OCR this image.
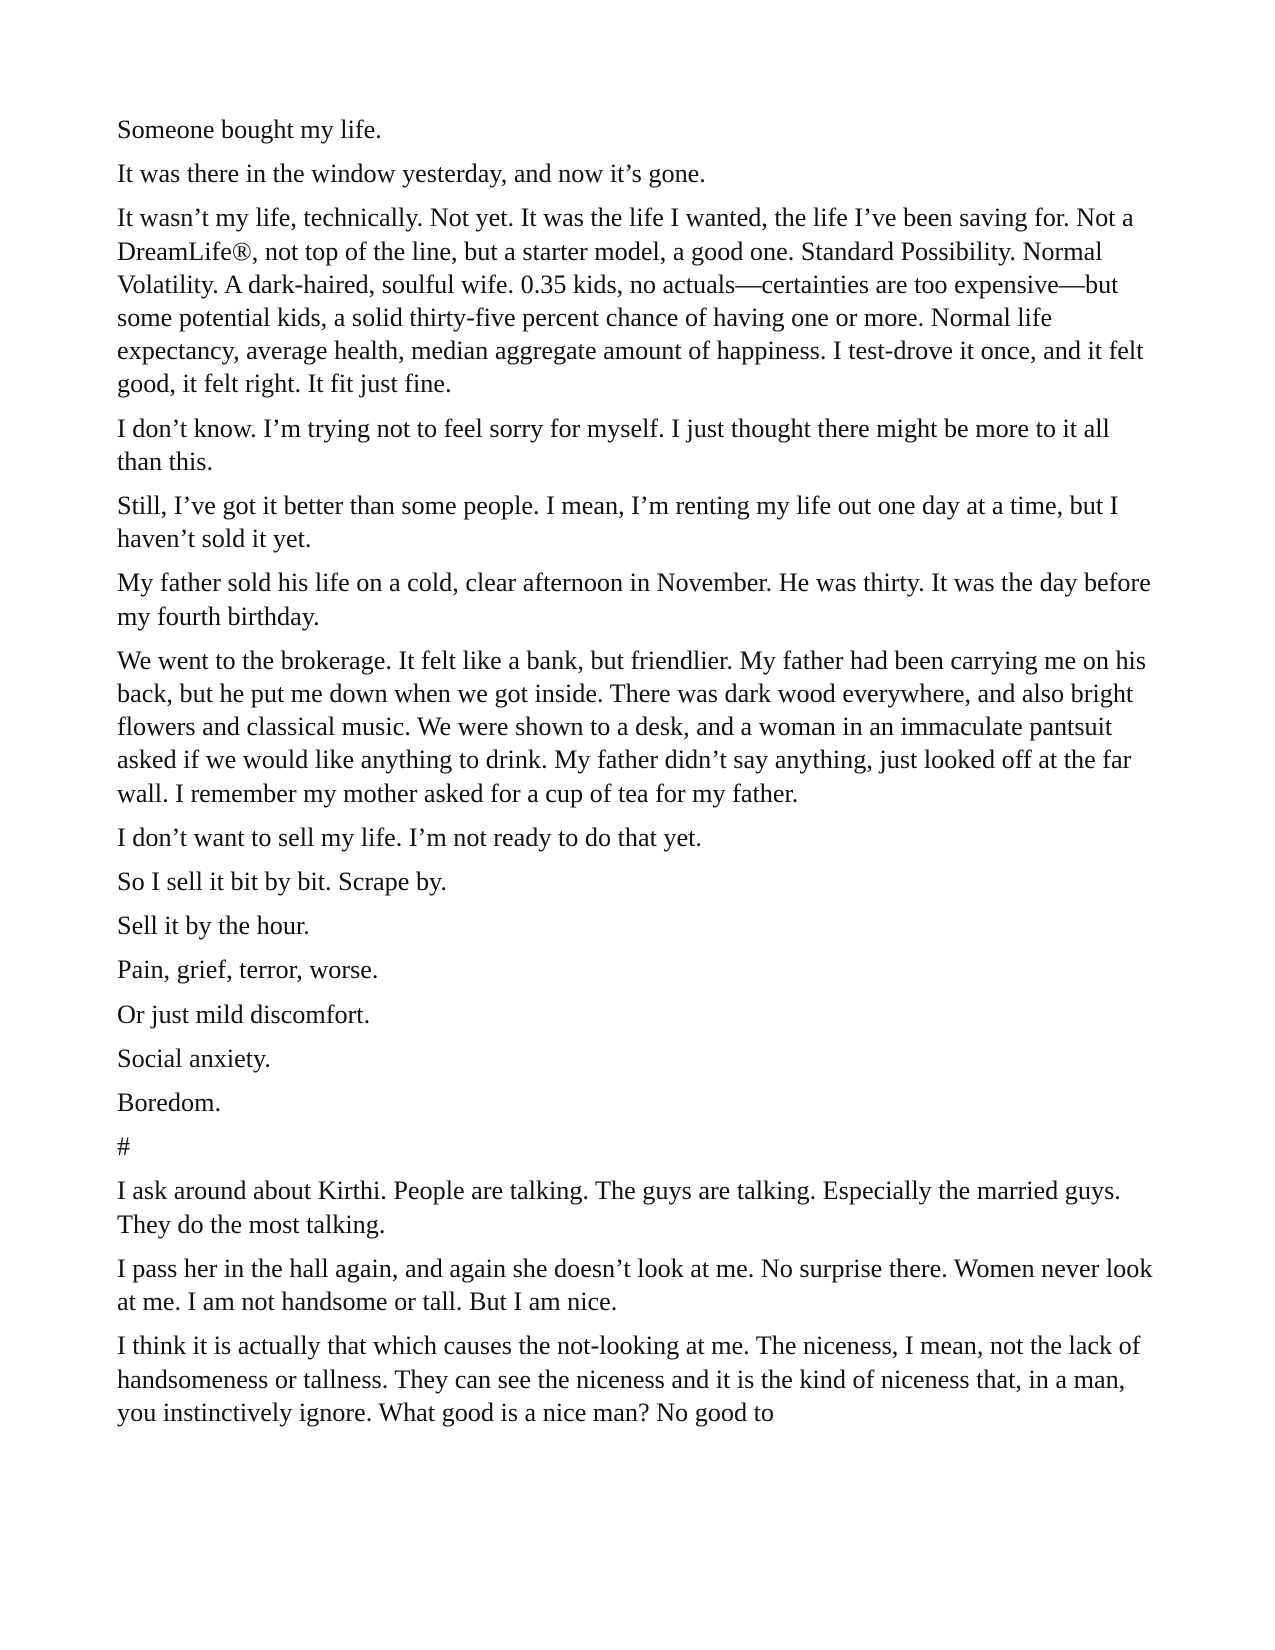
Someone bought my life.

It was there in the window yesterday, and now it’s gone.

It wasn’t my life, technically. Not yet. It was the life I wanted, the life I’ve been saving for. Not a DreamLife®, not top of the line, but a starter model, a good one. Standard Possibility. Normal Volatility. A dark-haired, soulful wife. 0.35 kids, no actuals—certainties are too expensive—but some potential kids, a solid thirty-five percent chance of having one or more. Normal life expectancy, average health, median aggregate amount of happiness. I test-drove it once, and it felt good, it felt right. It fit just fine.

I don’t know. I’m trying not to feel sorry for myself. I just thought there might be more to it all than this.

Still, I’ve got it better than some people. I mean, I’m renting my life out one day at a time, but I haven’t sold it yet.

My father sold his life on a cold, clear afternoon in November. He was thirty. It was the day before my fourth birthday.

We went to the brokerage. It felt like a bank, but friendlier. My father had been carrying me on his back, but he put me down when we got inside. There was dark wood everywhere, and also bright flowers and classical music. We were shown to a desk, and a woman in an immaculate pantsuit asked if we would like anything to drink. My father didn’t say anything, just looked off at the far wall. I remember my mother asked for a cup of tea for my father.

I don’t want to sell my life. I’m not ready to do that yet.

So I sell it bit by bit. Scrape by.

Sell it by the hour.

Pain, grief, terror, worse.

Or just mild discomfort.

Social anxiety.

Boredom.

#

I ask around about Kirthi. People are talking. The guys are talking. Especially the married guys. They do the most talking.

I pass her in the hall again, and again she doesn’t look at me. No surprise there. Women never look at me. I am not handsome or tall. But I am nice.

I think it is actually that which causes the not-looking at me. The niceness, I mean, not the lack of handsomeness or tallness. They can see the niceness and it is the kind of niceness that, in a man, you instinctively ignore. What good is a nice man? No good to
